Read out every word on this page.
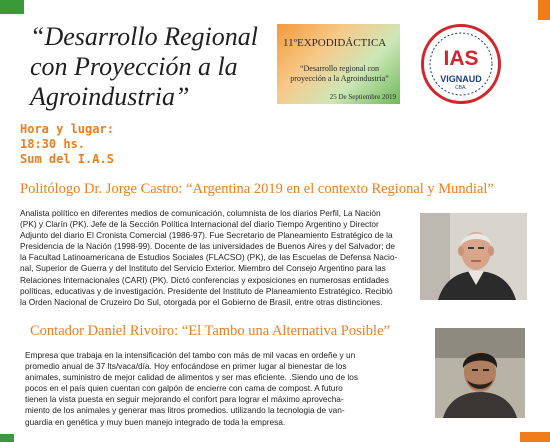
“Desarrollo Regional
con Proyección a la
Agroindustria”
11ºEXPODIDÁCTICA
“Desarrollo regional con proyección a la Agroindustria”
25 De Septiembre 2019
IAS
VIGNAUD
CBA.
Hora y lugar:
18:30 hs.
Sum del I.A.S
Politólogo Dr. Jorge Castro: “Argentina 2019 en el contexto Regional y Mundial”
Analista político en diferentes medios de comunicación, columnista de los diarios Perfil, La Nación
(PK) y Clarín (PK). Jefe de la Sección Política Internacional del diario Tiempo Argentino y Director
Adjunto del diario El Cronista Comercial (1986-97). Fue Secretario de Planeamiento Estratégico de la
Presidencia de la Nación (1998-99). Docente de las universidades de Buenos Aires y del Salvador; de
la Facultad Latinoamericana de Estudios Sociales (FLACSO) (PK), de las Escuelas de Defensa Nacio-
nal, Superior de Guerra y del Instituto del Servicio Exterior. Miembro del Consejo Argentino para las
Relaciones Internacionales (CARI) (PK). Dictó conferencias y exposiciones en numerosas entidades
políticas, educativas y de investigación. Presidente del Instituto de Planeamiento Estratégico. Recibió
la Orden Nacional de Cruzeiro Do Sul, otorgada por el Gobierno de Brasil, entre otras distinciones.
Contador Daniel Rivoiro: “El Tambo una Alternativa Posible”
Empresa que trabaja en la intensificación del tambo con más de mil vacas en ordeñe y un
promedio anual de 37 lts/vaca/día. Hoy enfocándose en primer lugar al bienestar de los
animales, suministro de mejor calidad de alimentos y ser mas eficiente. .Siendo uno de los
pocos en el país quien cuentan con galpón de encierre con cama de compost. A futuro
tienen la vista puesta en seguir mejorando el confort para lograr el máximo aprovecha-
miento de los animales y generar mas litros promedios. utilizando la tecnologia de van-
guardia en genética y muy buen manejo integrado de toda la empresa.
